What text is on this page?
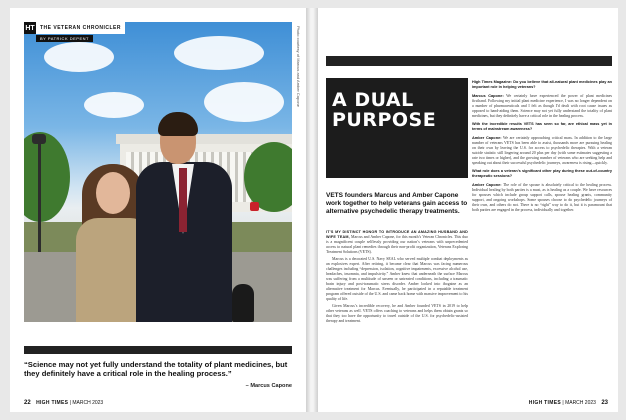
HT	THE VETERAN CHRONICLER
BY PATRICK DEPENT	Photo courtesy of Marcus and Amber Capone
“Science may not yet fully understand the totality of plant medicines, but they definitely have a critical role in the healing process.”
– Marcus Capone
22 HIGH TIMES | MARCH 2023
A DUAL
PURPOSE
VETS founders Marcus and Amber Capone work together to help veterans gain access to alternative psychedelic therapy treatments.

IT’S MY DISTINCT HONOR TO INTRODUCE AN AMAZING HUSBAND AND WIFE TEAM, Marcus and Amber Capone, for this month’s Veteran Chronicles. This duo is a magnificent couple selflessly providing our nation’s veterans with unprecedented access to natural plant remedies through their non-profit organization, Veterans Exploring Treatment Solutions (VETS).

Marcus is a decorated U.S. Navy SEAL who served multiple combat deployments as an explosives expert. After retiring, it became clear that Marcus was facing numerous challenges including “depression, isolation, cognitive impairments, excessive alcohol use, headaches, insomnia, and impulsivity.” Amber knew that underneath the surface Marcus was suffering from a multitude of unseen or untreated conditions, including a traumatic brain injury and post-traumatic stress disorder. Amber looked into ibogaine as an alternative treatment for Marcus. Eventually, he participated in a reputable treatment program offered outside of the U.S. and came back home with massive improvement to his quality of life.

Given Marcus’s incredible recovery, he and Amber founded VETS in 2019 to help other veterans as well. VETS offers coaching to veterans and helps them obtain grants so that they too have the opportunity to travel outside of the U.S. for psychedelic-assisted therapy and treatment.

High Times Magazine: Do you believe that all-natural plant medicines play an important role in helping veterans?

Marcus Capone: We certainly have experienced the power of plant medicines firsthand. Following my initial plant medicine experience, I was no longer dependent on a number of pharmaceuticals and I felt as though I'd dealt with root cause issues as opposed to band-aiding them. Science may not yet fully understand the totality of plant medicines, but they definitely have a critical role in the healing process.

With the incredible results VETS has seen so far, are ethical mass yet in terms of mainstream awareness?

Amber Capone: We are certainly approaching critical mass. In addition to the large number of veterans VETS has been able to assist, thousands more are pursuing healing on their own by leaving the U.S. for access to psychedelic therapies. With a veteran suicide statistic still lingering around 20 plus per day (with some estimates suggesting a rate two times or higher), and the growing number of veterans who are seeking help and speaking out about their successful psychedelic journeys, awareness is rising—quickly.

What role does a veteran's significant other play during these out-of-country therapeutic sessions?

Amber Capone: The role of the spouse is absolutely critical to the healing process. Individual healing by both parties is a must, as is healing as a couple. We have resources for spouses which include group support calls, spouse healing grants, community support, and ongoing workshops. Some spouses choose to do psychedelic journeys of their own, and others do not. There is no “right” way to do it, but it is paramount that both parties are engaged in the process, individually and together.

HIGH TIMES | MARCH 2023 23
